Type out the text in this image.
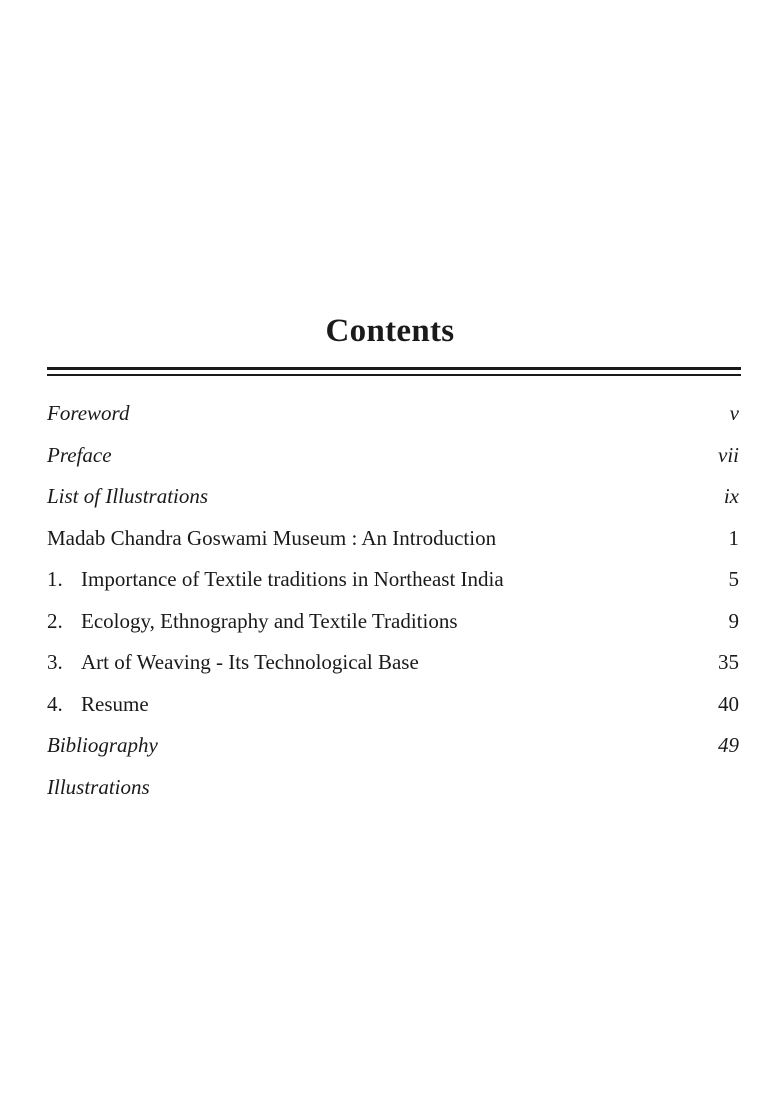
Contents
Foreword	v
Preface	vii
List of Illustrations	ix
Madab Chandra Goswami Museum : An Introduction	1
1. Importance of Textile traditions in Northeast India	5
2. Ecology, Ethnography and Textile Traditions	9
3. Art of Weaving - Its Technological Base	35
4. Resume	40
Bibliography	49
Illustrations
